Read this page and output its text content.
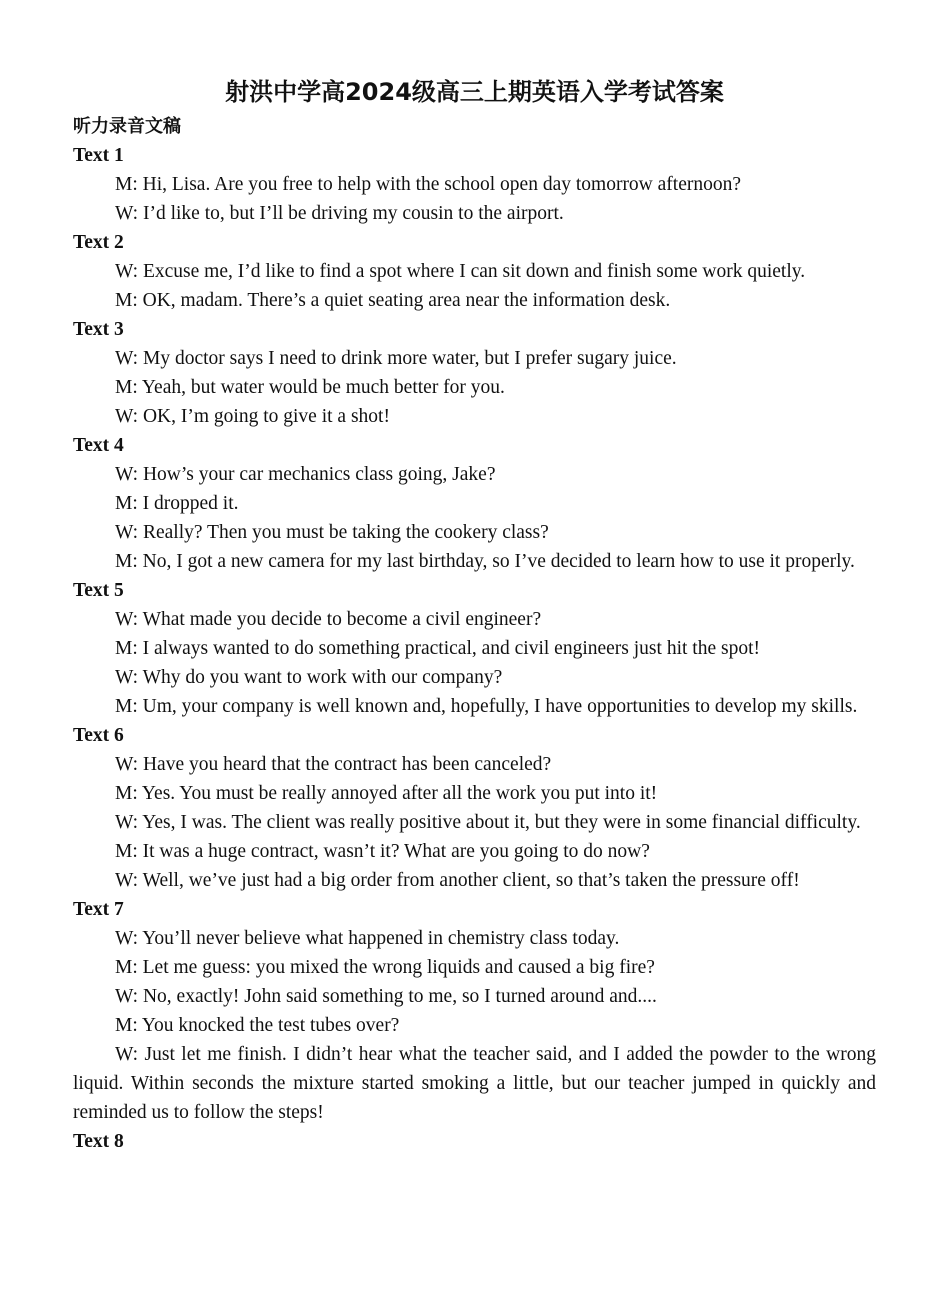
射洪中学高2024级高三上期英语入学考试答案

听力录音文稿

Text 1

M: Hi, Lisa. Are you free to help with the school open day tomorrow afternoon?

W: I’d like to, but I’ll be driving my cousin to the airport.

Text 2

W: Excuse me, I’d like to find a spot where I can sit down and finish some work quietly.

M: OK, madam. There’s a quiet seating area near the information desk.

Text 3

W: My doctor says I need to drink more water, but I prefer sugary juice.

M: Yeah, but water would be much better for you.

W: OK, I’m going to give it a shot!

Text 4

W: How’s your car mechanics class going, Jake?

M: I dropped it.

W: Really? Then you must be taking the cookery class?

M: No, I got a new camera for my last birthday, so I’ve decided to learn how to use it properly.

Text 5

W: What made you decide to become a civil engineer?

M: I always wanted to do something practical, and civil engineers just hit the spot!

W: Why do you want to work with our company?

M: Um, your company is well known and, hopefully, I have opportunities to develop my skills.

Text 6

W: Have you heard that the contract has been canceled?

M: Yes. You must be really annoyed after all the work you put into it!

W: Yes, I was. The client was really positive about it, but they were in some financial difficulty.

M: It was a huge contract, wasn’t it? What are you going to do now?

W: Well, we’ve just had a big order from another client, so that’s taken the pressure off!

Text 7

W: You’ll never believe what happened in chemistry class today.

M: Let me guess: you mixed the wrong liquids and caused a big fire?

W: No, exactly! John said something to me, so I turned around and....

M: You knocked the test tubes over?

W: Just let me finish. I didn’t hear what the teacher said, and I added the powder to the wrong liquid. Within seconds the mixture started smoking a little, but our teacher jumped in quickly and reminded us to follow the steps!

Text 8
